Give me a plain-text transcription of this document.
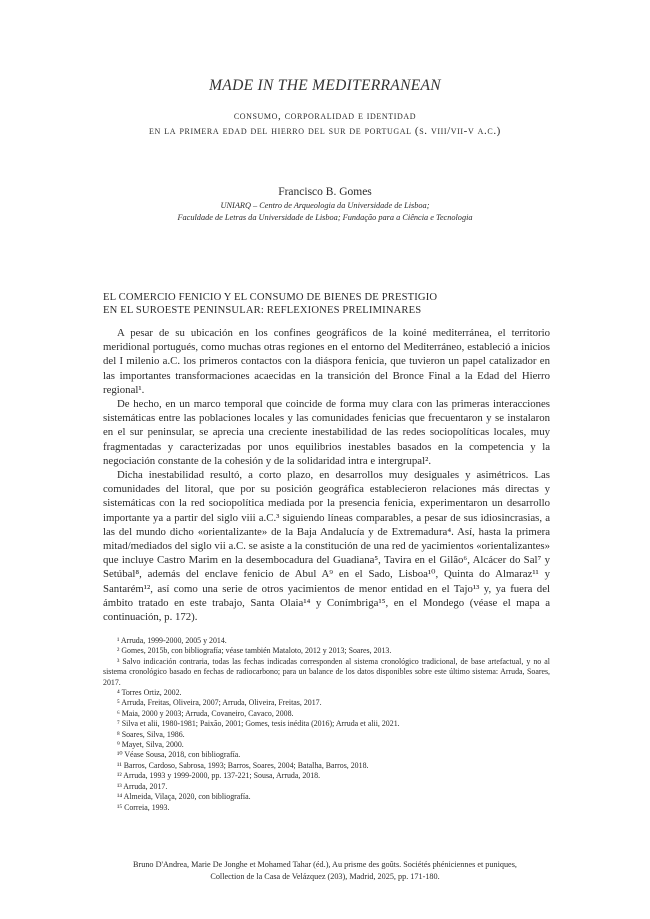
MADE IN THE MEDITERRANEAN
consumo, corporalidad e identidad
en la primera edad del hierro del sur de portugal (s. viii/vii-v a.c.)
Francisco B. Gomes
UNIARQ – Centro de Arqueologia da Universidade de Lisboa;
Faculdade de Letras da Universidade de Lisboa; Fundação para a Ciência e Tecnologia
EL COMERCIO FENICIO Y EL CONSUMO DE BIENES DE PRESTIGIO
EN EL SUROESTE PENINSULAR: REFLEXIONES PRELIMINARES

A pesar de su ubicación en los confines geográficos de la koiné mediterránea, el territorio meridional portugués, como muchas otras regiones en el entorno del Mediterráneo, estableció a inicios del I milenio a.C. los primeros contactos con la diáspora fenicia, que tuvieron un papel catalizador en las importantes transformaciones acaecidas en la transición del Bronce Final a la Edad del Hierro regional¹.

De hecho, en un marco temporal que coincide de forma muy clara con las primeras interacciones sistemáticas entre las poblaciones locales y las comunidades fenicias que frecuentaron y se instalaron en el sur peninsular, se aprecia una creciente inestabilidad de las redes sociopolíticas locales, muy fragmentadas y caracterizadas por unos equilibrios inestables basados en la competencia y la negociación constante de la cohesión y de la solidaridad intra e intergrupal².

Dicha inestabilidad resultó, a corto plazo, en desarrollos muy desiguales y asimétricos. Las comunidades del litoral, que por su posición geográfica establecieron relaciones más directas y sistemáticas con la red sociopolítica mediada por la presencia fenicia, experimentaron un desarrollo importante ya a partir del siglo viii a.C.³ siguiendo líneas comparables, a pesar de sus idiosincrasias, a las del mundo dicho «orientalizante» de la Baja Andalucía y de Extremadura⁴. Así, hasta la primera mitad/mediados del siglo vii a.C. se asiste a la constitución de una red de yacimientos «orientalizantes» que incluye Castro Marim en la desembocadura del Guadiana⁵, Tavira en el Gilão⁶, Alcácer do Sal⁷ y Setúbal⁸, además del enclave fenicio de Abul A⁹ en el Sado, Lisboa¹⁰, Quinta do Almaraz¹¹ y Santarém¹², así como una serie de otros yacimientos de menor entidad en el Tajo¹³ y, ya fuera del ámbito tratado en este trabajo, Santa Olaia¹⁴ y Conímbriga¹⁵, en el Mondego (véase el mapa a continuación, p. 172).

¹ Arruda, 1999-2000, 2005 y 2014.
² Gomes, 2015b, con bibliografía; véase también Mataloto, 2012 y 2013; Soares, 2013.
³ Salvo indicación contraria, todas las fechas indicadas corresponden al sistema cronológico tradicional, de base artefactual, y no al sistema cronológico basado en fechas de radiocarbono; para un balance de los datos disponibles sobre este último sistema: Arruda, Soares, 2017.
⁴ Torres Ortiz, 2002.
⁵ Arruda, Freitas, Oliveira, 2007; Arruda, Oliveira, Freitas, 2017.
⁶ Maia, 2000 y 2003; Arruda, Covaneiro, Cavaco, 2008.
⁷ Silva et alii, 1980-1981; Paixão, 2001; Gomes, tesis inédita (2016); Arruda et alii, 2021.
⁸ Soares, Silva, 1986.
⁹ Mayet, Silva, 2000.
¹⁰ Véase Sousa, 2018, con bibliografía.
¹¹ Barros, Cardoso, Sabrosa, 1993; Barros, Soares, 2004; Batalha, Barros, 2018.
¹² Arruda, 1993 y 1999-2000, pp. 137-221; Sousa, Arruda, 2018.
¹³ Arruda, 2017.
¹⁴ Almeida, Vilaça, 2020, con bibliografía.
¹⁵ Correia, 1993.
Bruno D'Andrea, Marie De Jonghe et Mohamed Tahar (éd.), Au prisme des goûts. Sociétés phéniciennes et puniques,
Collection de la Casa de Velázquez (203), Madrid, 2025, pp. 171-180.
